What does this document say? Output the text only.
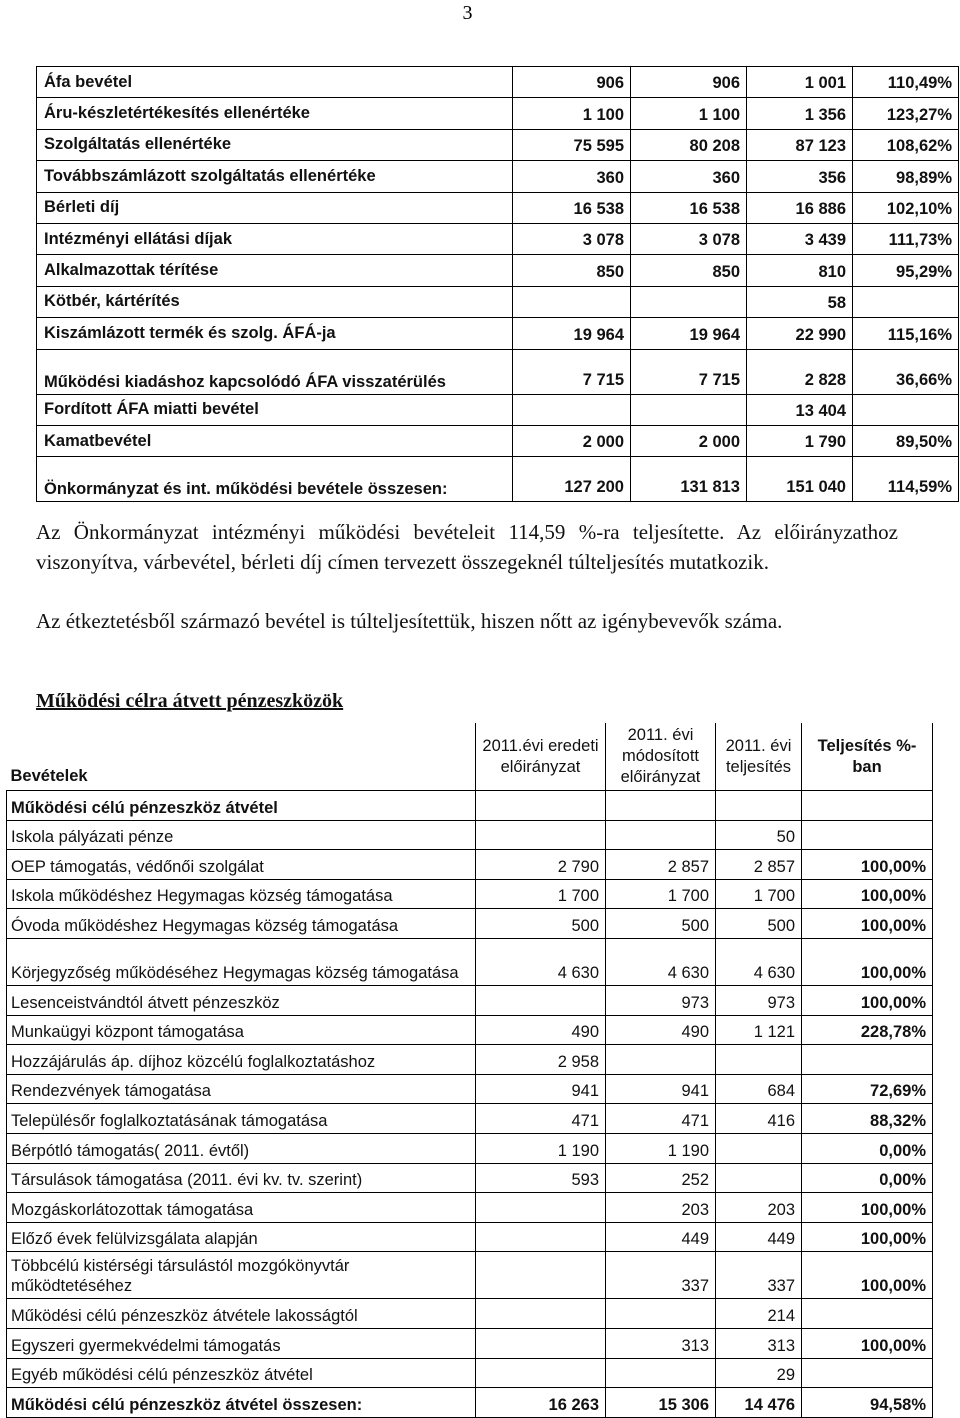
3
Áfa bevétel	906	906	1 001	110,49%
Áru-készletértékesítés ellenértéke	1 100	1 100	1 356	123,27%
Szolgáltatás ellenértéke	75 595	80 208	87 123	108,62%
Továbbszámlázott szolgáltatás ellenértéke	360	360	356	98,89%
Bérleti díj	16 538	16 538	16 886	102,10%
Intézményi ellátási díjak	3 078	3 078	3 439	111,73%
Alkalmazottak térítése	850	850	810	95,29%
Kötbér, kártérítés			58	
Kiszámlázott termék és szolg. ÁFÁ-ja	19 964	19 964	22 990	115,16%
Működési kiadáshoz kapcsolódó ÁFA visszatérülés	7 715	7 715	2 828	36,66%
Fordított ÁFA miatti bevétel			13 404	
Kamatbevétel	2 000	2 000	1 790	89,50%
Önkormányzat és int. működési bevétele összesen:	127 200	131 813	151 040	114,59%
Az Önkormányzat intézményi működési bevételeit 114,59 %-ra teljesítette. Az előirányzathoz viszonyítva, várbevétel, bérleti díj címen tervezett összegeknél túlteljesítés mutatkozik.
Az étkeztetésből származó bevétel is túlteljesítettük, hiszen nőtt az igénybevevők száma.
Működési célra átvett pénzeszközök
Bevételek	2011.évi eredeti előirányzat	2011. évi módosított előirányzat	2011. évi teljesítés	Teljesítés %-ban
Működési célú pénzeszköz átvétel				
Iskola pályázati pénze			50	
OEP támogatás, védőnői szolgálat	2 790	2 857	2 857	100,00%
Iskola működéshez Hegymagas község támogatása	1 700	1 700	1 700	100,00%
Óvoda működéshez Hegymagas község támogatása	500	500	500	100,00%
Körjegyzőség működéséhez Hegymagas község támogatása	4 630	4 630	4 630	100,00%
Lesenceistvándtól átvett pénzeszköz		973	973	100,00%
Munkaügyi központ támogatása	490	490	1 121	228,78%
Hozzájárulás áp. díjhoz közcélú foglalkoztatáshoz	2 958			
Rendezvények támogatása	941	941	684	72,69%
Településőr foglalkoztatásának támogatása	471	471	416	88,32%
Bérpótló támogatás( 2011. évtől)	1 190	1 190		0,00%
Társulások támogatása (2011. évi kv. tv. szerint)	593	252		0,00%
Mozgáskorlátozottak támogatása		203	203	100,00%
Előző évek felülvizsgálata alapján		449	449	100,00%
Többcélú kistérségi társulástól mozgókönyvtár működtetéséhez		337	337	100,00%
Működési célú pénzeszköz átvétele lakosságtól			214	
Egyszeri gyermekvédelmi támogatás		313	313	100,00%
Egyéb működési célú pénzeszköz átvétel			29	
Működési célú pénzeszköz átvétel összesen:	16 263	15 306	14 476	94,58%
